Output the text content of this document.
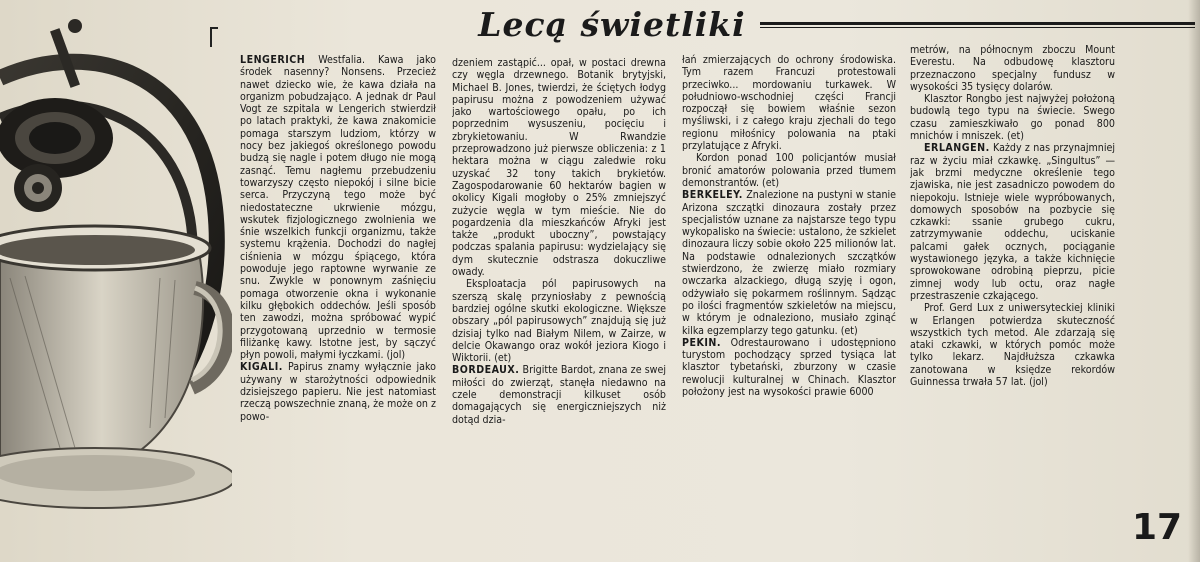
Lecą świetliki

LENGERICH Westfalia. Kawa jako środek nasenny? Nonsens. Przecież nawet dziecko wie, że kawa działa na organizm pobudzająco. A jednak dr Paul Vogt ze szpitala w Lengerich stwierdził po latach praktyki, że kawa znakomicie pomaga starszym ludziom, którzy w nocy bez jakiegoś określonego powodu budzą się nagle i potem długo nie mogą zasnąć. Temu nagłemu przebudzeniu towarzyszy często niepokój i silne bicie serca. Przyczyną tego może być niedostateczne ukrwienie mózgu, wskutek fizjologicznego zwolnienia we śnie wszelkich funkcji organizmu, także systemu krążenia. Dochodzi do nagłej ciśnienia w mózgu śpiącego, która powoduje jego raptowne wyrwanie ze snu. Zwykle w ponownym zaśnięciu pomaga otworzenie okna i wykonanie kilku głębokich oddechów. Jeśli sposób ten zawodzi, można spróbować wypić przygotowaną uprzednio w termosie filiżankę kawy. Istotne jest, by sączyć płyn powoli, małymi łyczkami. (jol)

KIGALI. Papirus znamy wyłącznie jako używany w starożytności odpowiednik dzisiejszego papieru. Nie jest natomiast rzeczą powszechnie znaną, że może on z powo-

dzeniem zastąpić... opał, w postaci drewna czy węgla drzewnego. Botanik brytyjski, Michael B. Jones, twierdzi, że ściętych łodyg papirusu można z powodzeniem używać jako wartościowego opału, po ich poprzednim wysuszeniu, pocięciu i zbrykietowaniu. W Rwandzie przeprowadzono już pierwsze obliczenia: z 1 hektara można w ciągu zaledwie roku uzyskać 32 tony takich brykietów. Zagospodarowanie 60 hektarów bagien w okolicy Kigali mogłoby o 25% zmniejszyć zużycie węgla w tym mieście. Nie do pogardzenia dla mieszkańców Afryki jest także „produkt uboczny”, powstający podczas spalania papirusu: wydzielający się dym skutecznie odstrasza dokuczliwe owady.

Eksploatacja pól papirusowych na szerszą skalę przyniosłaby z pewnością bardziej ogólne skutki ekologiczne. Większe obszary „pól papirusowych” znajdują się już dzisiaj tylko nad Białym Nilem, w Zairze, w delcie Okawango oraz wokół jeziora Kiogo i Wiktorii. (et)

BORDEAUX. Brigitte Bardot, znana ze swej miłości do zwierząt, stanęła niedawno na czele demonstracji kilkuset osób domagających się energiczniejszych niż dotąd dzia-

łań zmierzających do ochrony środowiska. Tym razem Francuzi protestowali przeciwko... mordowaniu turkawek. W południowo-wschodniej części Francji rozpoczął się bowiem właśnie sezon myśliwski, i z całego kraju zjechali do tego regionu miłośnicy polowania na ptaki przylatujące z Afryki.

Kordon ponad 100 policjantów musiał bronić amatorów polowania przed tłumem demonstrantów. (et)

BERKELEY. Znalezione na pustyni w stanie Arizona szczątki dinozaura zostały przez specjalistów uznane za najstarsze tego typu wykopalisko na świecie: ustalono, że szkielet dinozaura liczy sobie około 225 milionów lat. Na podstawie odnalezionych szczątków stwierdzono, że zwierzę miało rozmiary owczarka alzackiego, długą szyję i ogon, odżywiało się pokarmem roślinnym. Sądząc po ilości fragmentów szkieletów na miejscu, w którym je odnaleziono, musiało zginąć kilka egzemplarzy tego gatunku. (et)

PEKIN. Odrestaurowano i udostępniono turystom pochodzący sprzed tysiąca lat klasztor tybetański, zburzony w czasie rewolucji kulturalnej w Chinach. Klasztor położony jest na wysokości prawie 6000

metrów, na północnym zboczu Mount Everestu. Na odbudowę klasztoru przeznaczono specjalny fundusz w wysokości 35 tysięcy dolarów.

Klasztor Rongbo jest najwyżej położoną budowlą tego typu na świecie. Swego czasu zamieszkiwało go ponad 800 mnichów i mniszek. (et)

ERLANGEN. Każdy z nas przynajmniej raz w życiu miał czkawkę. „Singultus” — jak brzmi medyczne określenie tego zjawiska, nie jest zasadniczo powodem do niepokoju. Istnieje wiele wypróbowanych, domowych sposobów na pozbycie się czkawki: ssanie grubego cukru, zatrzymywanie oddechu, uciskanie palcami gałek ocznych, pociąganie wystawionego języka, a także kichnięcie sprowokowane odrobiną pieprzu, picie zimnej wody lub octu, oraz nagłe przestraszenie czkającego.

Prof. Gerd Lux z uniwersyteckiej kliniki w Erlangen potwierdza skuteczność wszystkich tych metod. Ale zdarzają się ataki czkawki, w których pomóc może tylko lekarz. Najdłuższa czkawka zanotowana w księdze rekordów Guinnessa trwała 57 lat. (jol)

17
